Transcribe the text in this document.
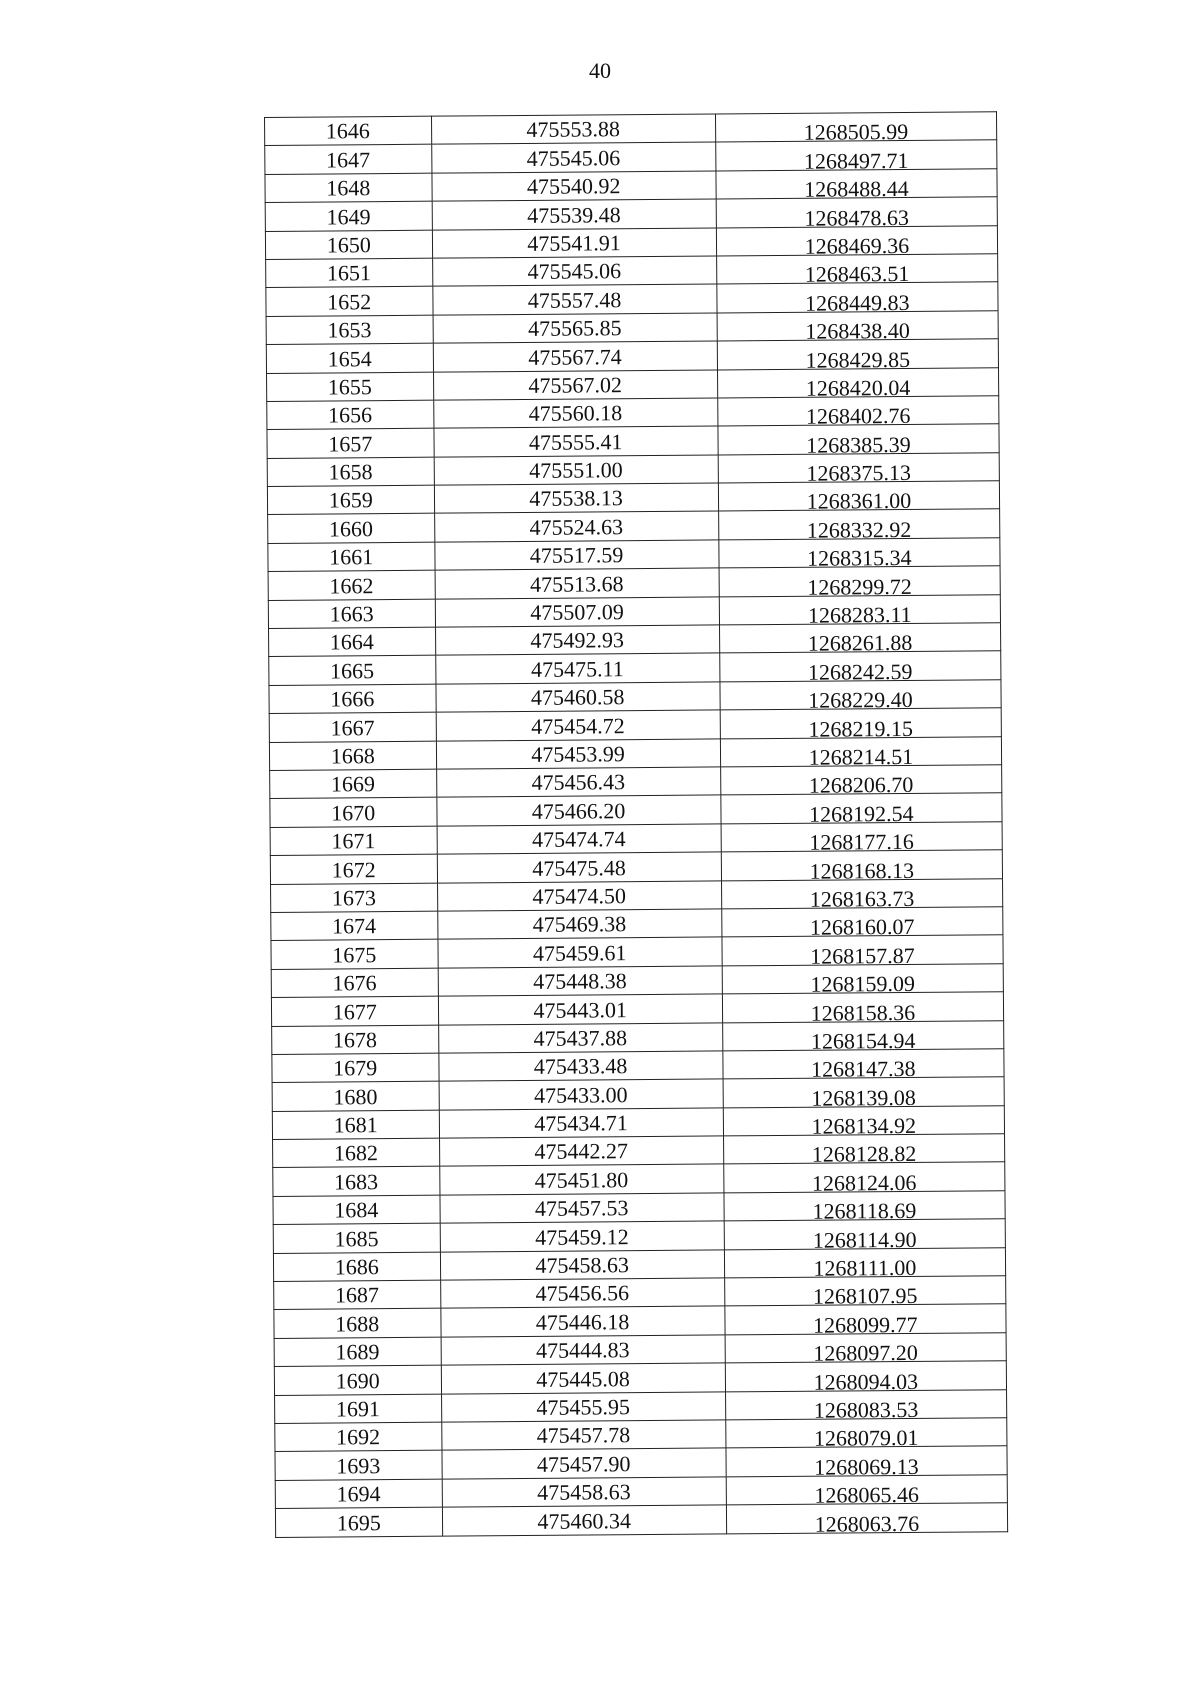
40
1646	475553.88	1268505.99
1647	475545.06	1268497.71
1648	475540.92	1268488.44
1649	475539.48	1268478.63
1650	475541.91	1268469.36
1651	475545.06	1268463.51
1652	475557.48	1268449.83
1653	475565.85	1268438.40
1654	475567.74	1268429.85
1655	475567.02	1268420.04
1656	475560.18	1268402.76
1657	475555.41	1268385.39
1658	475551.00	1268375.13
1659	475538.13	1268361.00
1660	475524.63	1268332.92
1661	475517.59	1268315.34
1662	475513.68	1268299.72
1663	475507.09	1268283.11
1664	475492.93	1268261.88
1665	475475.11	1268242.59
1666	475460.58	1268229.40
1667	475454.72	1268219.15
1668	475453.99	1268214.51
1669	475456.43	1268206.70
1670	475466.20	1268192.54
1671	475474.74	1268177.16
1672	475475.48	1268168.13
1673	475474.50	1268163.73
1674	475469.38	1268160.07
1675	475459.61	1268157.87
1676	475448.38	1268159.09
1677	475443.01	1268158.36
1678	475437.88	1268154.94
1679	475433.48	1268147.38
1680	475433.00	1268139.08
1681	475434.71	1268134.92
1682	475442.27	1268128.82
1683	475451.80	1268124.06
1684	475457.53	1268118.69
1685	475459.12	1268114.90
1686	475458.63	1268111.00
1687	475456.56	1268107.95
1688	475446.18	1268099.77
1689	475444.83	1268097.20
1690	475445.08	1268094.03
1691	475455.95	1268083.53
1692	475457.78	1268079.01
1693	475457.90	1268069.13
1694	475458.63	1268065.46
1695	475460.34	1268063.76
